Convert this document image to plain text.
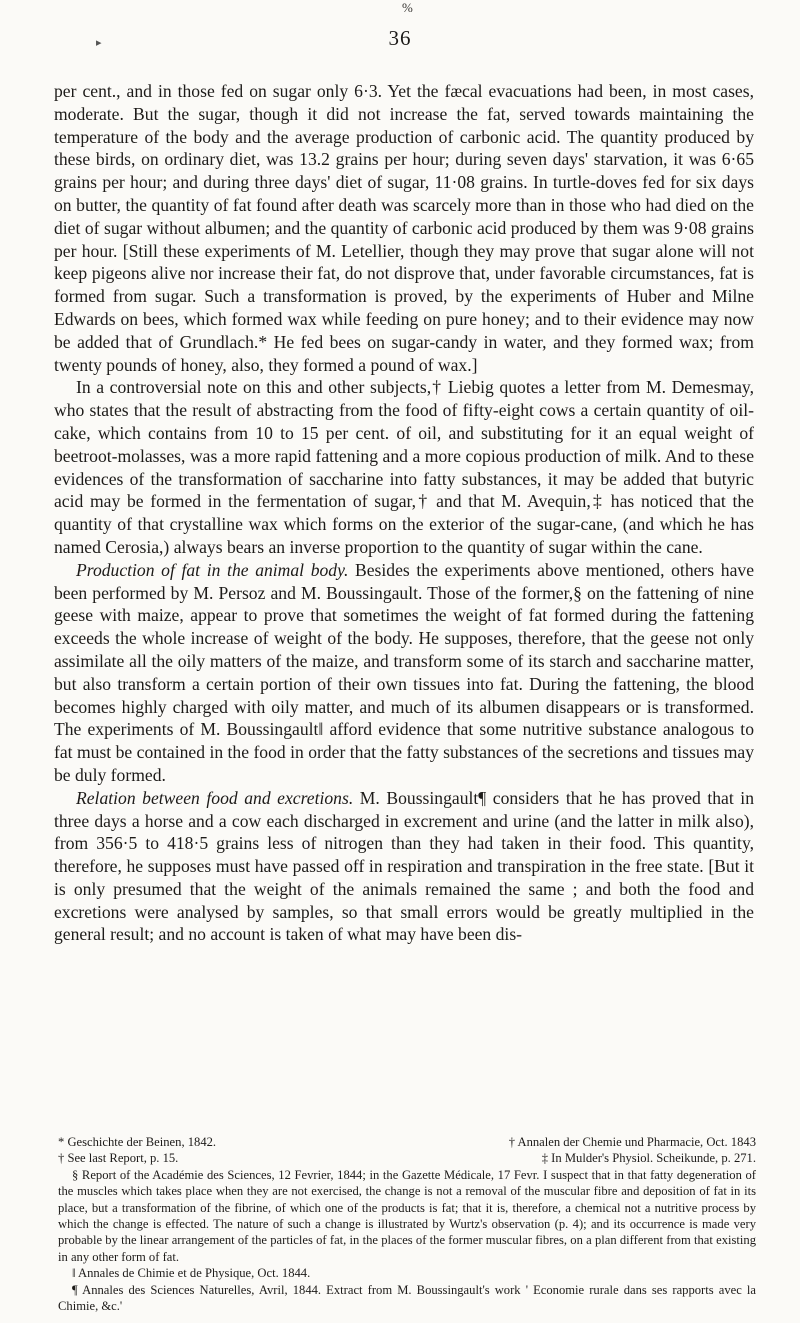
%
▸	36

per cent., and in those fed on sugar only 6·3. Yet the fæcal evacuations had been, in most cases, moderate. But the sugar, though it did not increase the fat, served towards maintaining the temperature of the body and the average production of carbonic acid. The quantity produced by these birds, on ordinary diet, was 13.2 grains per hour; during seven days' starvation, it was 6·65 grains per hour; and during three days' diet of sugar, 11·08 grains. In turtle-doves fed for six days on butter, the quantity of fat found after death was scarcely more than in those who had died on the diet of sugar without albumen; and the quantity of carbonic acid produced by them was 9·08 grains per hour. [Still these experiments of M. Letellier, though they may prove that sugar alone will not keep pigeons alive nor increase their fat, do not disprove that, under favorable circumstances, fat is formed from sugar. Such a transformation is proved, by the experiments of Huber and Milne Edwards on bees, which formed wax while feeding on pure honey; and to their evidence may now be added that of Grundlach.* He fed bees on sugar-candy in water, and they formed wax; from twenty pounds of honey, also, they formed a pound of wax.]

In a controversial note on this and other subjects,† Liebig quotes a letter from M. Demesmay, who states that the result of abstracting from the food of fifty-eight cows a certain quantity of oil-cake, which contains from 10 to 15 per cent. of oil, and substituting for it an equal weight of beetroot-molasses, was a more rapid fattening and a more copious production of milk. And to these evidences of the transformation of saccharine into fatty substances, it may be added that butyric acid may be formed in the fermentation of sugar,† and that M. Avequin,‡ has noticed that the quantity of that crystalline wax which forms on the exterior of the sugar-cane, (and which he has named Cerosia,) always bears an inverse proportion to the quantity of sugar within the cane.

Production of fat in the animal body. Besides the experiments above mentioned, others have been performed by M. Persoz and M. Boussingault. Those of the former,§ on the fattening of nine geese with maize, appear to prove that sometimes the weight of fat formed during the fattening exceeds the whole increase of weight of the body. He supposes, therefore, that the geese not only assimilate all the oily matters of the maize, and transform some of its starch and saccharine matter, but also transform a certain portion of their own tissues into fat. During the fattening, the blood becomes highly charged with oily matter, and much of its albumen disappears or is transformed. The experiments of M. Boussingault‖ afford evidence that some nutritive substance analogous to fat must be contained in the food in order that the fatty substances of the secretions and tissues may be duly formed.

Relation between food and excretions. M. Boussingault¶ considers that he has proved that in three days a horse and a cow each discharged in excrement and urine (and the latter in milk also), from 356·5 to 418·5 grains less of nitrogen than they had taken in their food. This quantity, therefore, he supposes must have passed off in respiration and transpiration in the free state. [But it is only presumed that the weight of the animals remained the same ; and both the food and excretions were analysed by samples, so that small errors would be greatly multiplied in the general result; and no account is taken of what may have been dis-

* Geschichte der Beinen, 1842.	† Annalen der Chemie und Pharmacie, Oct. 1843
† See last Report, p. 15.	‡ In Mulder's Physiol. Scheikunde, p. 271.

§ Report of the Académie des Sciences, 12 Fevrier, 1844; in the Gazette Médicale, 17 Fevr. I suspect that in that fatty degeneration of the muscles which takes place when they are not exercised, the change is not a removal of the muscular fibre and deposition of fat in its place, but a transformation of the fibrine, of which one of the products is fat; that it is, therefore, a chemical not a nutritive process by which the change is effected. The nature of such a change is illustrated by Wurtz's observation (p. 4); and its occurrence is made very probable by the linear arrangement of the particles of fat, in the places of the former muscular fibres, on a plan different from that existing in any other form of fat.

‖ Annales de Chimie et de Physique, Oct. 1844.

¶ Annales des Sciences Naturelles, Avril, 1844. Extract from M. Boussingault's work ' Economie rurale dans ses rapports avec la Chimie, &c.'
